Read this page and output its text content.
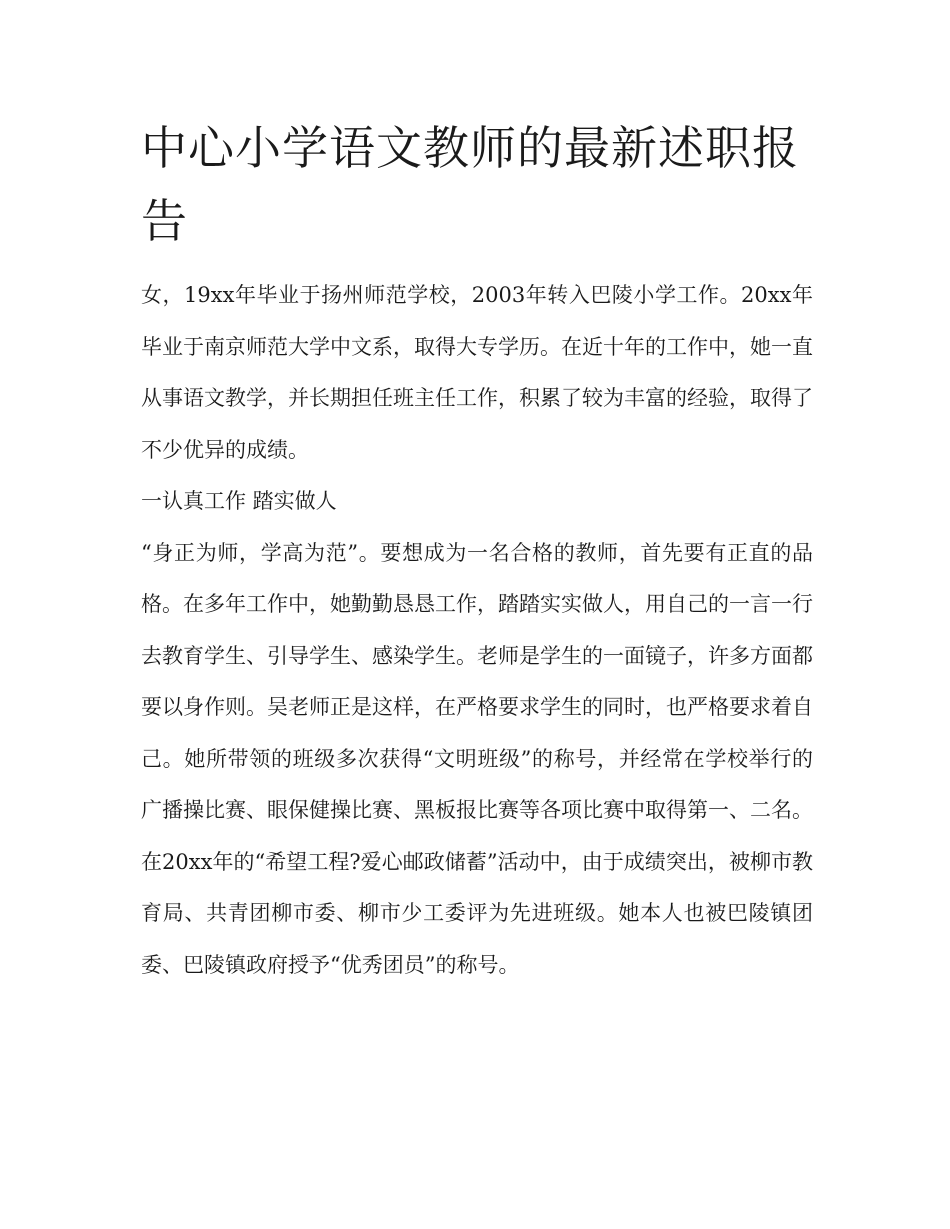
中心小学语文教师的最新述职报告

女，19xx年毕业于扬州师范学校，2003年转入巴陵小学工作。20xx年毕业于南京师范大学中文系，取得大专学历。在近十年的工作中，她一直从事语文教学，并长期担任班主任工作，积累了较为丰富的经验，取得了不少优异的成绩。

一认真工作 踏实做人

“身正为师，学高为范”。要想成为一名合格的教师，首先要有正直的品格。在多年工作中，她勤勤恳恳工作，踏踏实实做人，用自己的一言一行去教育学生、引导学生、感染学生。老师是学生的一面镜子，许多方面都要以身作则。吴老师正是这样，在严格要求学生的同时，也严格要求着自己。她所带领的班级多次获得“文明班级”的称号，并经常在学校举行的广播操比赛、眼保健操比赛、黑板报比赛等各项比赛中取得第一、二名。在20xx年的“希望工程?爱心邮政储蓄”活动中，由于成绩突出，被柳市教育局、共青团柳市委、柳市少工委评为先进班级。她本人也被巴陵镇团委、巴陵镇政府授予“优秀团员”的称号。
